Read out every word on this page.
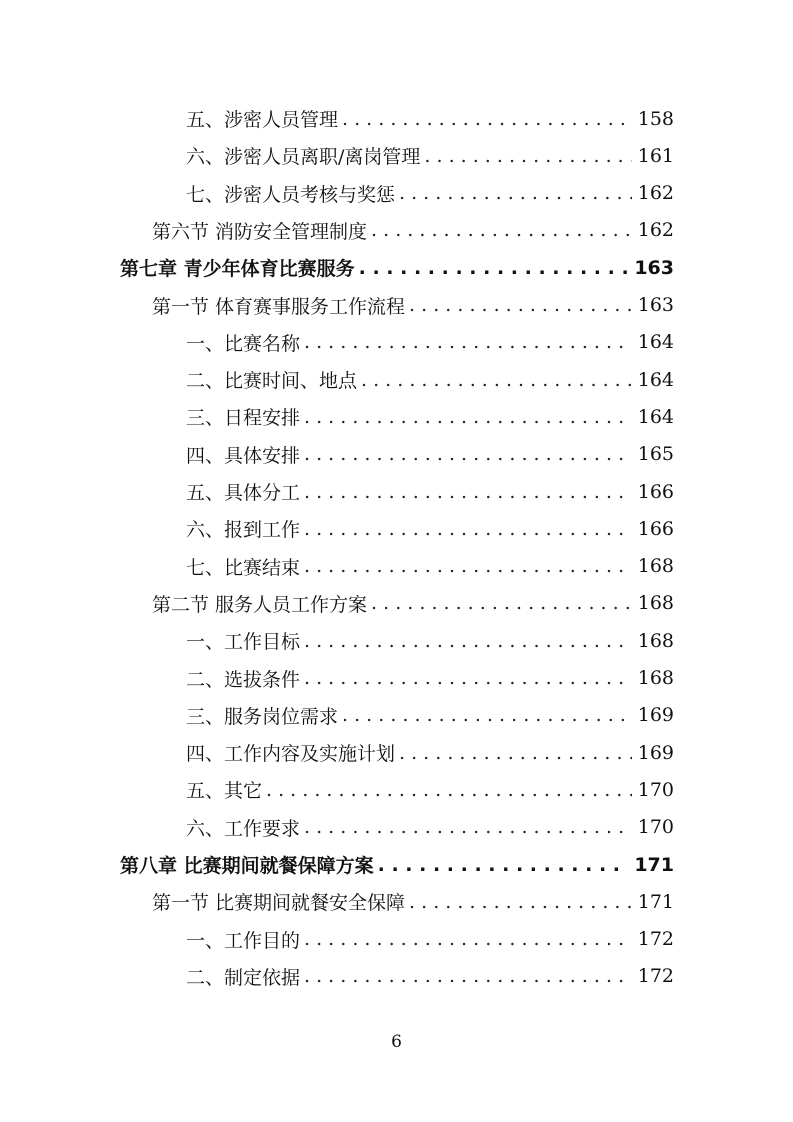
五、涉密人员管理 . . .	158
六、涉密人员离职/离岗管理 . . .	161
七、涉密人员考核与奖惩 . . .	162
第六节 消防安全管理制度 . . .	162
第七章 青少年体育比赛服务 . . .	163
第一节 体育赛事服务工作流程 . . .	163
一、比赛名称 . . .	164
二、比赛时间、地点 . . .	164
三、日程安排 . . .	164
四、具体安排 . . .	165
五、具体分工 . . .	166
六、报到工作 . . .	166
七、比赛结束 . . .	168
第二节 服务人员工作方案 . . .	168
一、工作目标 . . .	168
二、选拔条件 . . .	168
三、服务岗位需求 . . .	169
四、工作内容及实施计划 . . .	169
五、其它 . . .	170
六、工作要求 . . .	170
第八章 比赛期间就餐保障方案 . . .	171
第一节 比赛期间就餐安全保障 . . .	171
一、工作目的 . . .	172
二、制定依据 . . .	172
6
